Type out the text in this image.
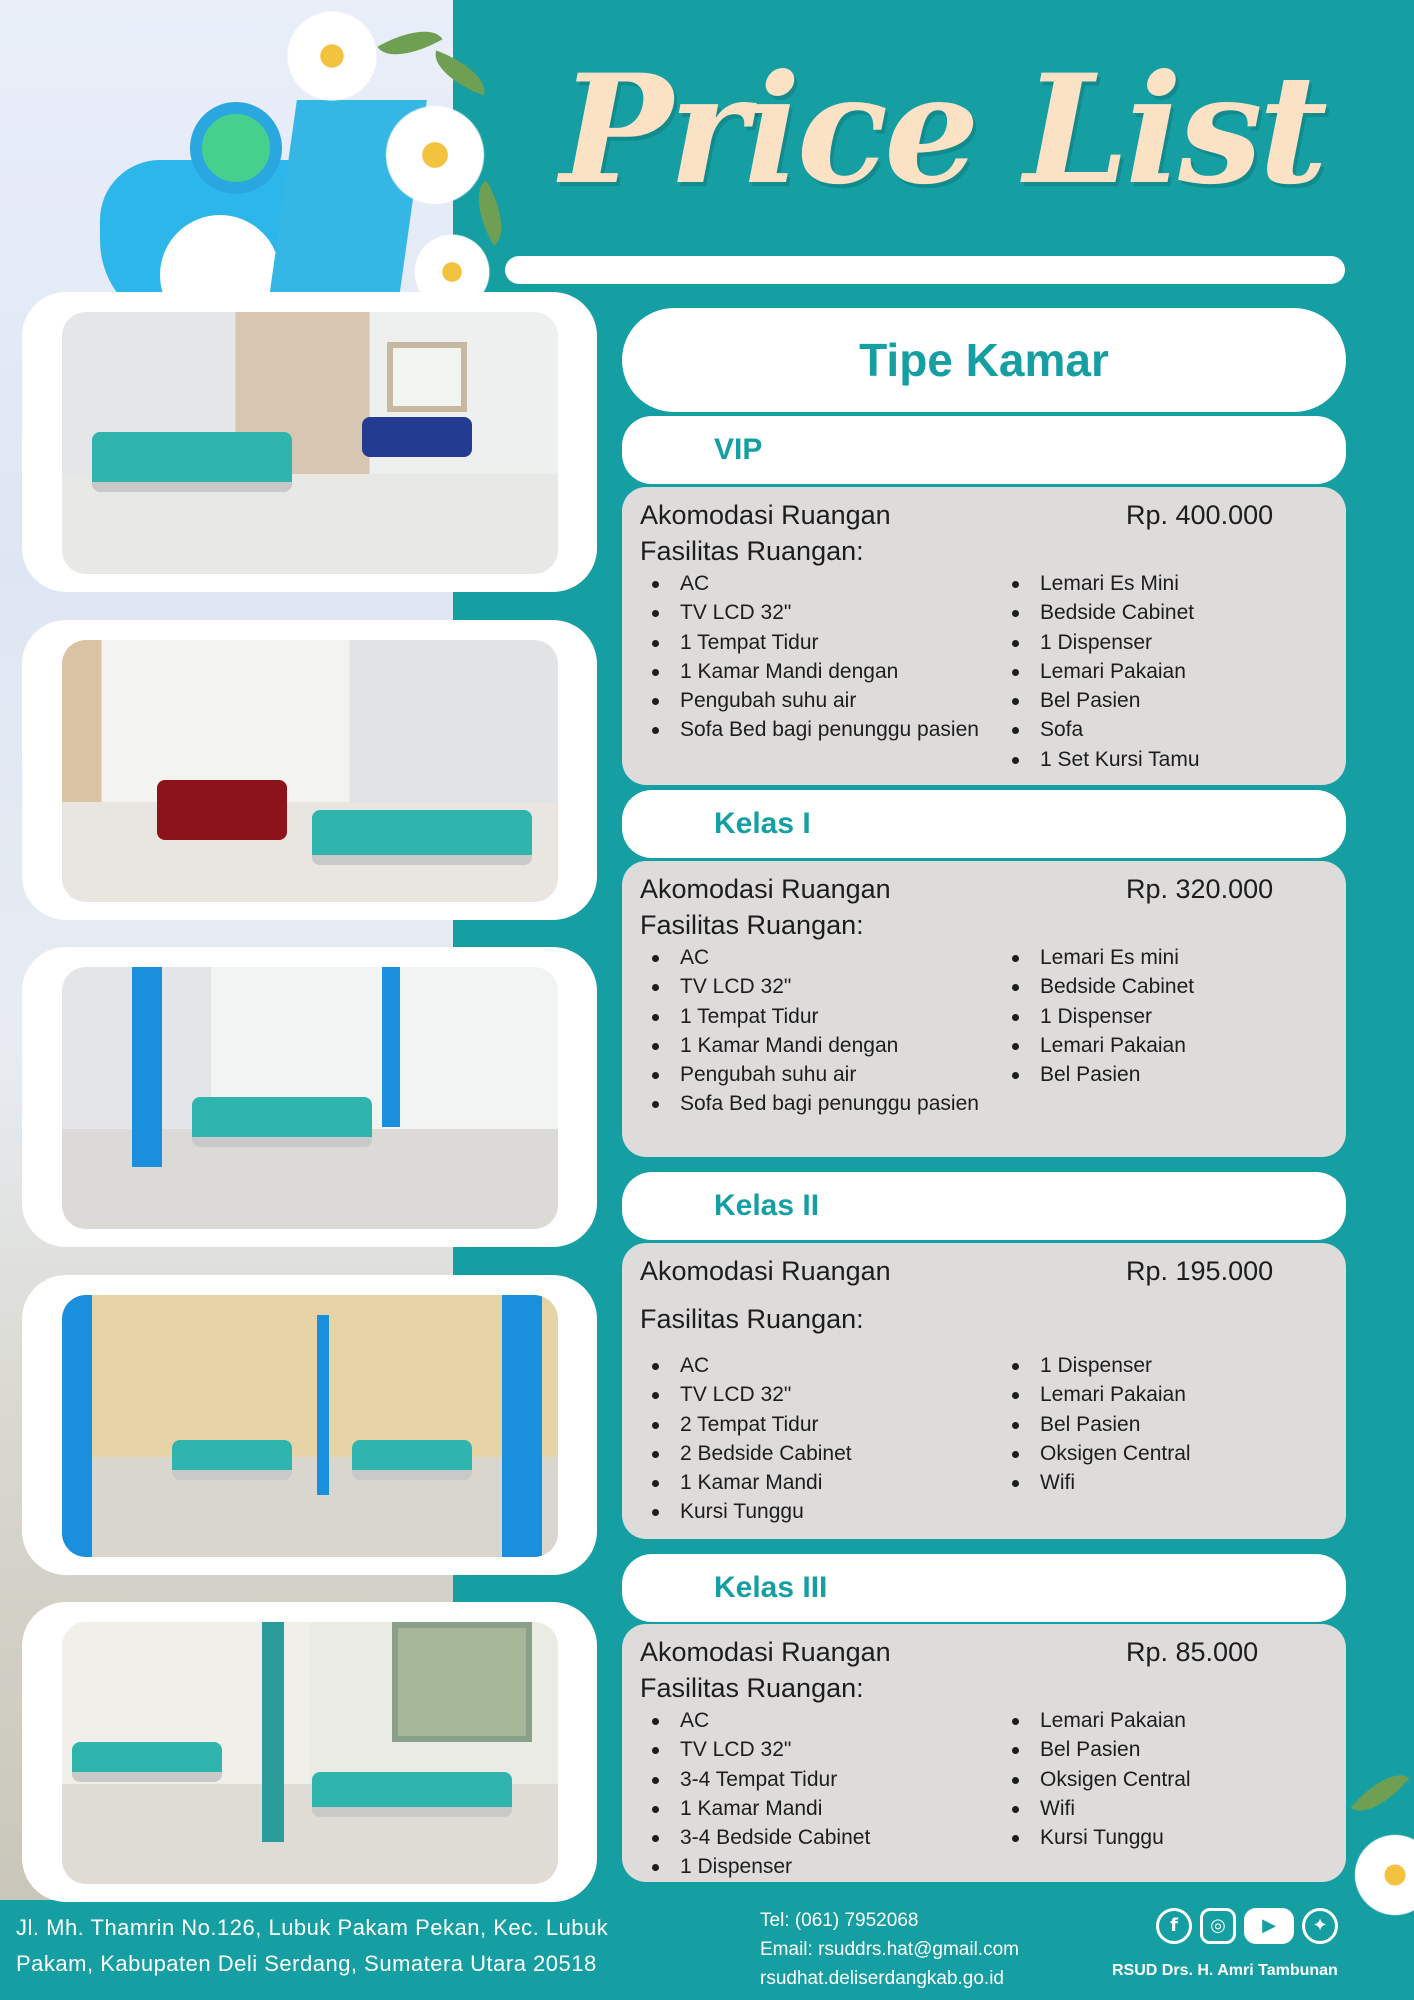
Price List
Tipe Kamar
VIP
Akomodasi Ruangan	Rp. 400.000
Fasilitas Ruangan:
AC
TV LCD 32"
1 Tempat Tidur
1 Kamar Mandi dengan
Pengubah suhu air
Sofa Bed bagi penunggu pasien
Lemari Es Mini
Bedside Cabinet
1 Dispenser
Lemari Pakaian
Bel Pasien
Sofa
1 Set Kursi Tamu
Kelas I
Akomodasi Ruangan	Rp. 320.000
Fasilitas Ruangan:
AC
TV LCD 32"
1 Tempat Tidur
1 Kamar Mandi dengan
Pengubah suhu air
Sofa Bed bagi penunggu pasien
Lemari Es mini
Bedside Cabinet
1 Dispenser
Lemari Pakaian
Bel Pasien
Kelas II
Akomodasi Ruangan	Rp. 195.000
Fasilitas Ruangan:
AC
TV LCD 32"
2 Tempat Tidur
2 Bedside Cabinet
1 Kamar Mandi
Kursi Tunggu
1 Dispenser
Lemari Pakaian
Bel Pasien
Oksigen Central
Wifi
Kelas III
Akomodasi Ruangan	Rp. 85.000
Fasilitas Ruangan:
AC
TV LCD 32"
3-4 Tempat Tidur
1 Kamar Mandi
3-4 Bedside Cabinet
1 Dispenser
Lemari Pakaian
Bel Pasien
Oksigen Central
Wifi
Kursi Tunggu
Jl. Mh. Thamrin No.126, Lubuk Pakam Pekan, Kec. Lubuk
Pakam, Kabupaten Deli Serdang, Sumatera Utara 20518
Tel: (061) 7952068
Email: rsuddrs.hat@gmail.com
rsudhat.deliserdangkab.go.id
f	◎	▶	✦
RSUD Drs. H. Amri Tambunan
